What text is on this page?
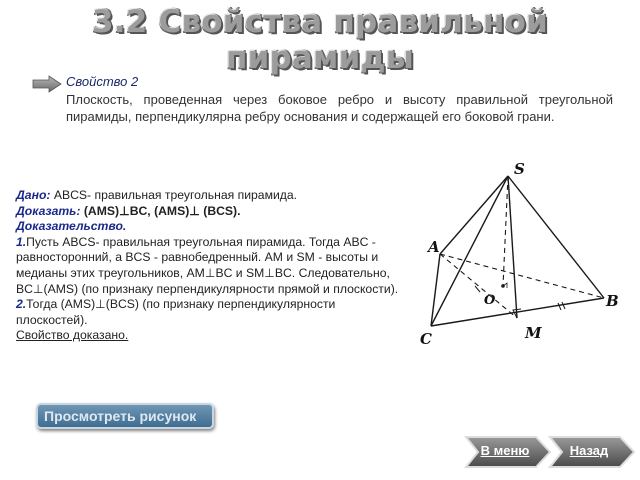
3.2 Свойства правильной пирамиды
Свойство 2
Плоскость, проведенная через боковое ребро и высоту правильной треугольной пирамиды, перпендикулярна ребру основания и содержащей его боковой грани.
Дано: ABCS- правильная треугольная пирамида.
Доказать: (AMS)⊥BC, (AMS)⊥ (BCS).
Доказательство.
1.Пусть ABCS- правильная треугольная пирамида. Тогда ABC - равносторонний, а BCS - равнобедренный. AM и SM - высоты и медианы этих треугольников, AM⊥BC и SM⊥BC. Следовательно, BC⊥(AMS) (по признаку перпендикулярности прямой и плоскости).
2.Тогда (AMS)⊥(BCS) (по признаку перпендикулярности плоскостей).
Свойство доказано.
S
A
O	B
C	M
Просмотреть рисунок
В меню	Назад
